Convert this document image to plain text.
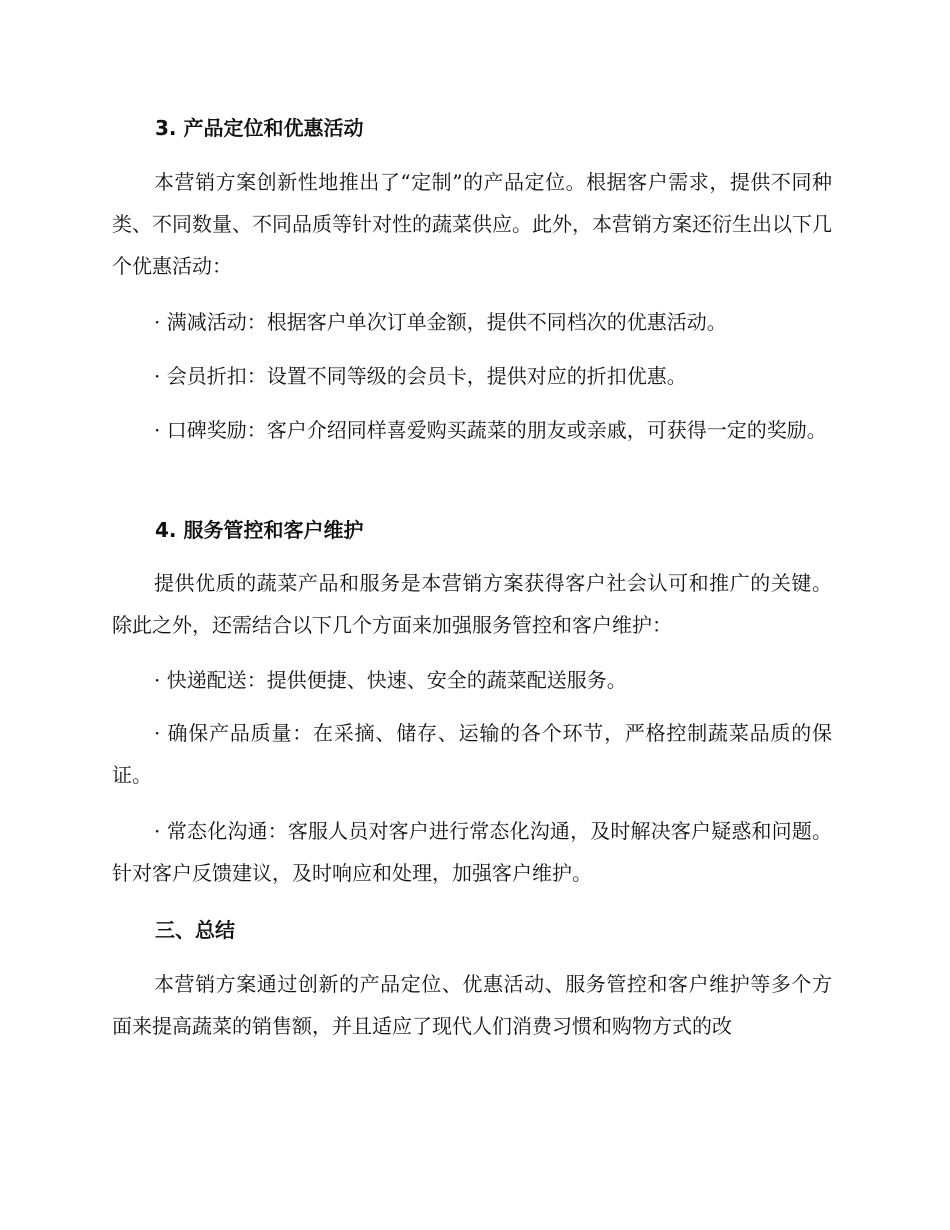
3. 产品定位和优惠活动

本营销方案创新性地推出了“定制”的产品定位。根据客户需求，提供不同种类、不同数量、不同品质等针对性的蔬菜供应。此外，本营销方案还衍生出以下几个优惠活动：

· 满减活动：根据客户单次订单金额，提供不同档次的优惠活动。

· 会员折扣：设置不同等级的会员卡，提供对应的折扣优惠。

· 口碑奖励：客户介绍同样喜爱购买蔬菜的朋友或亲戚，可获得一定的奖励。

4. 服务管控和客户维护

提供优质的蔬菜产品和服务是本营销方案获得客户社会认可和推广的关键。除此之外，还需结合以下几个方面来加强服务管控和客户维护：

· 快递配送：提供便捷、快速、安全的蔬菜配送服务。

· 确保产品质量：在采摘、储存、运输的各个环节，严格控制蔬菜品质的保证。

· 常态化沟通：客服人员对客户进行常态化沟通，及时解决客户疑惑和问题。针对客户反馈建议，及时响应和处理，加强客户维护。

三、总结

本营销方案通过创新的产品定位、优惠活动、服务管控和客户维护等多个方面来提高蔬菜的销售额，并且适应了现代人们消费习惯和购物方式的改
